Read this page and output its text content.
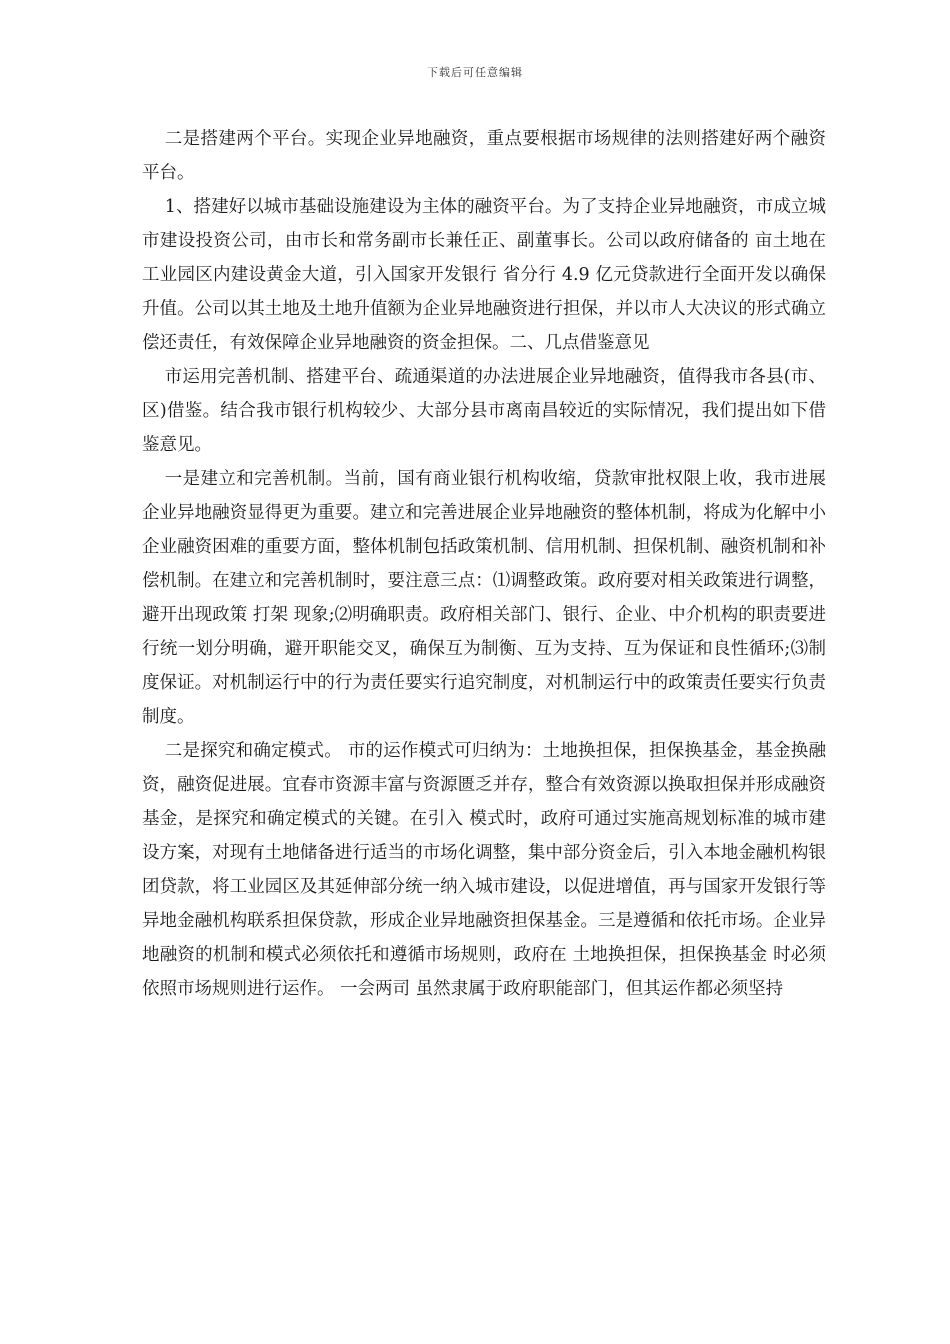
下载后可任意编辑

二是搭建两个平台。实现企业异地融资，重点要根据市场规律的法则搭建好两个融资平台。

1、搭建好以城市基础设施建设为主体的融资平台。为了支持企业异地融资，市成立城市建设投资公司，由市长和常务副市长兼任正、副董事长。公司以政府储备的 亩土地在工业园区内建设黄金大道，引入国家开发银行 省分行 4.9 亿元贷款进行全面开发以确保升值。公司以其土地及土地升值额为企业异地融资进行担保，并以市人大决议的形式确立偿还责任，有效保障企业异地融资的资金担保。二、几点借鉴意见

市运用完善机制、搭建平台、疏通渠道的办法进展企业异地融资，值得我市各县(市、区)借鉴。结合我市银行机构较少、大部分县市离南昌较近的实际情况，我们提出如下借鉴意见。

一是建立和完善机制。当前，国有商业银行机构收缩，贷款审批权限上收，我市进展企业异地融资显得更为重要。建立和完善进展企业异地融资的整体机制，将成为化解中小企业融资困难的重要方面，整体机制包括政策机制、信用机制、担保机制、融资机制和补偿机制。在建立和完善机制时，要注意三点：⑴调整政策。政府要对相关政策进行调整，避开出现政策 打架 现象;⑵明确职责。政府相关部门、银行、企业、中介机构的职责要进行统一划分明确，避开职能交叉，确保互为制衡、互为支持、互为保证和良性循环;⑶制度保证。对机制运行中的行为责任要实行追究制度，对机制运行中的政策责任要实行负责制度。

二是探究和确定模式。 市的运作模式可归纳为：土地换担保，担保换基金，基金换融资，融资促进展。宜春市资源丰富与资源匮乏并存，整合有效资源以换取担保并形成融资基金，是探究和确定模式的关键。在引入 模式时，政府可通过实施高规划标准的城市建设方案，对现有土地储备进行适当的市场化调整，集中部分资金后，引入本地金融机构银团贷款，将工业园区及其延伸部分统一纳入城市建设，以促进增值，再与国家开发银行等异地金融机构联系担保贷款，形成企业异地融资担保基金。三是遵循和依托市场。企业异地融资的机制和模式必须依托和遵循市场规则，政府在 土地换担保，担保换基金 时必须依照市场规则进行运作。 一会两司 虽然隶属于政府职能部门，但其运作都必须坚持
